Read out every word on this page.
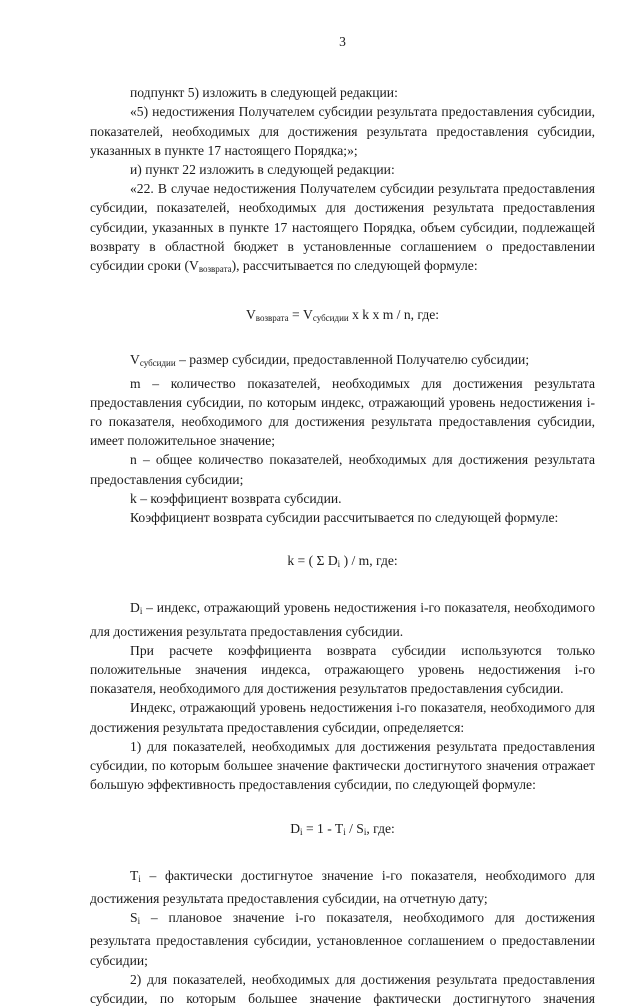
3

подпункт 5) изложить в следующей редакции:

«5) недостижения Получателем субсидии результата предоставления субсидии, показателей, необходимых для достижения результата предоставления субсидии, указанных в пункте 17 настоящего Порядка;»;

и) пункт 22 изложить в следующей редакции:

«22. В случае недостижения Получателем субсидии результата предоставления субсидии, показателей, необходимых для достижения результата предоставления субсидии, указанных в пункте 17 настоящего Порядка, объем субсидии, подлежащей возврату в областной бюджет в установленные соглашением о предоставлении субсидии сроки $(V_{возврата})$, рассчитывается по следующей формуле:

$V_{возврата} = V_{субсидии}$ x k x m / n, где:

$V_{субсидии}$ – размер субсидии, предоставленной Получателю субсидии;

m – количество показателей, необходимых для достижения результата предоставления субсидии, по которым индекс, отражающий уровень недостижения i-го показателя, необходимого для достижения результата предоставления субсидии, имеет положительное значение;

n – общее количество показателей, необходимых для достижения результата предоставления субсидии;

k – коэффициент возврата субсидии.

Коэффициент возврата субсидии рассчитывается по следующей формуле:

k = ( Σ $D_i$ ) / m, где:

$D_i$ – индекс, отражающий уровень недостижения i-го показателя, необходимого для достижения результата предоставления субсидии.

При расчете коэффициента возврата субсидии используются только положительные значения индекса, отражающего уровень недостижения i-го показателя, необходимого для достижения результатов предоставления субсидии.

Индекс, отражающий уровень недостижения i-го показателя, необходимого для достижения результата предоставления субсидии, определяется:

1) для показателей, необходимых для достижения результата предоставления субсидии, по которым большее значение фактически достигнутого значения отражает большую эффективность предоставления субсидии, по следующей формуле:

$D_i = 1 - T_i / S_i$, где:

$T_i$ – фактически достигнутое значение i-го показателя, необходимого для достижения результата предоставления субсидии, на отчетную дату;

$S_i$ – плановое значение i-го показателя, необходимого для достижения результата предоставления субсидии, установленное соглашением о предоставлении субсидии;

2) для показателей, необходимых для достижения результата предоставления субсидии, по которым большее значение фактически достигнутого значения
